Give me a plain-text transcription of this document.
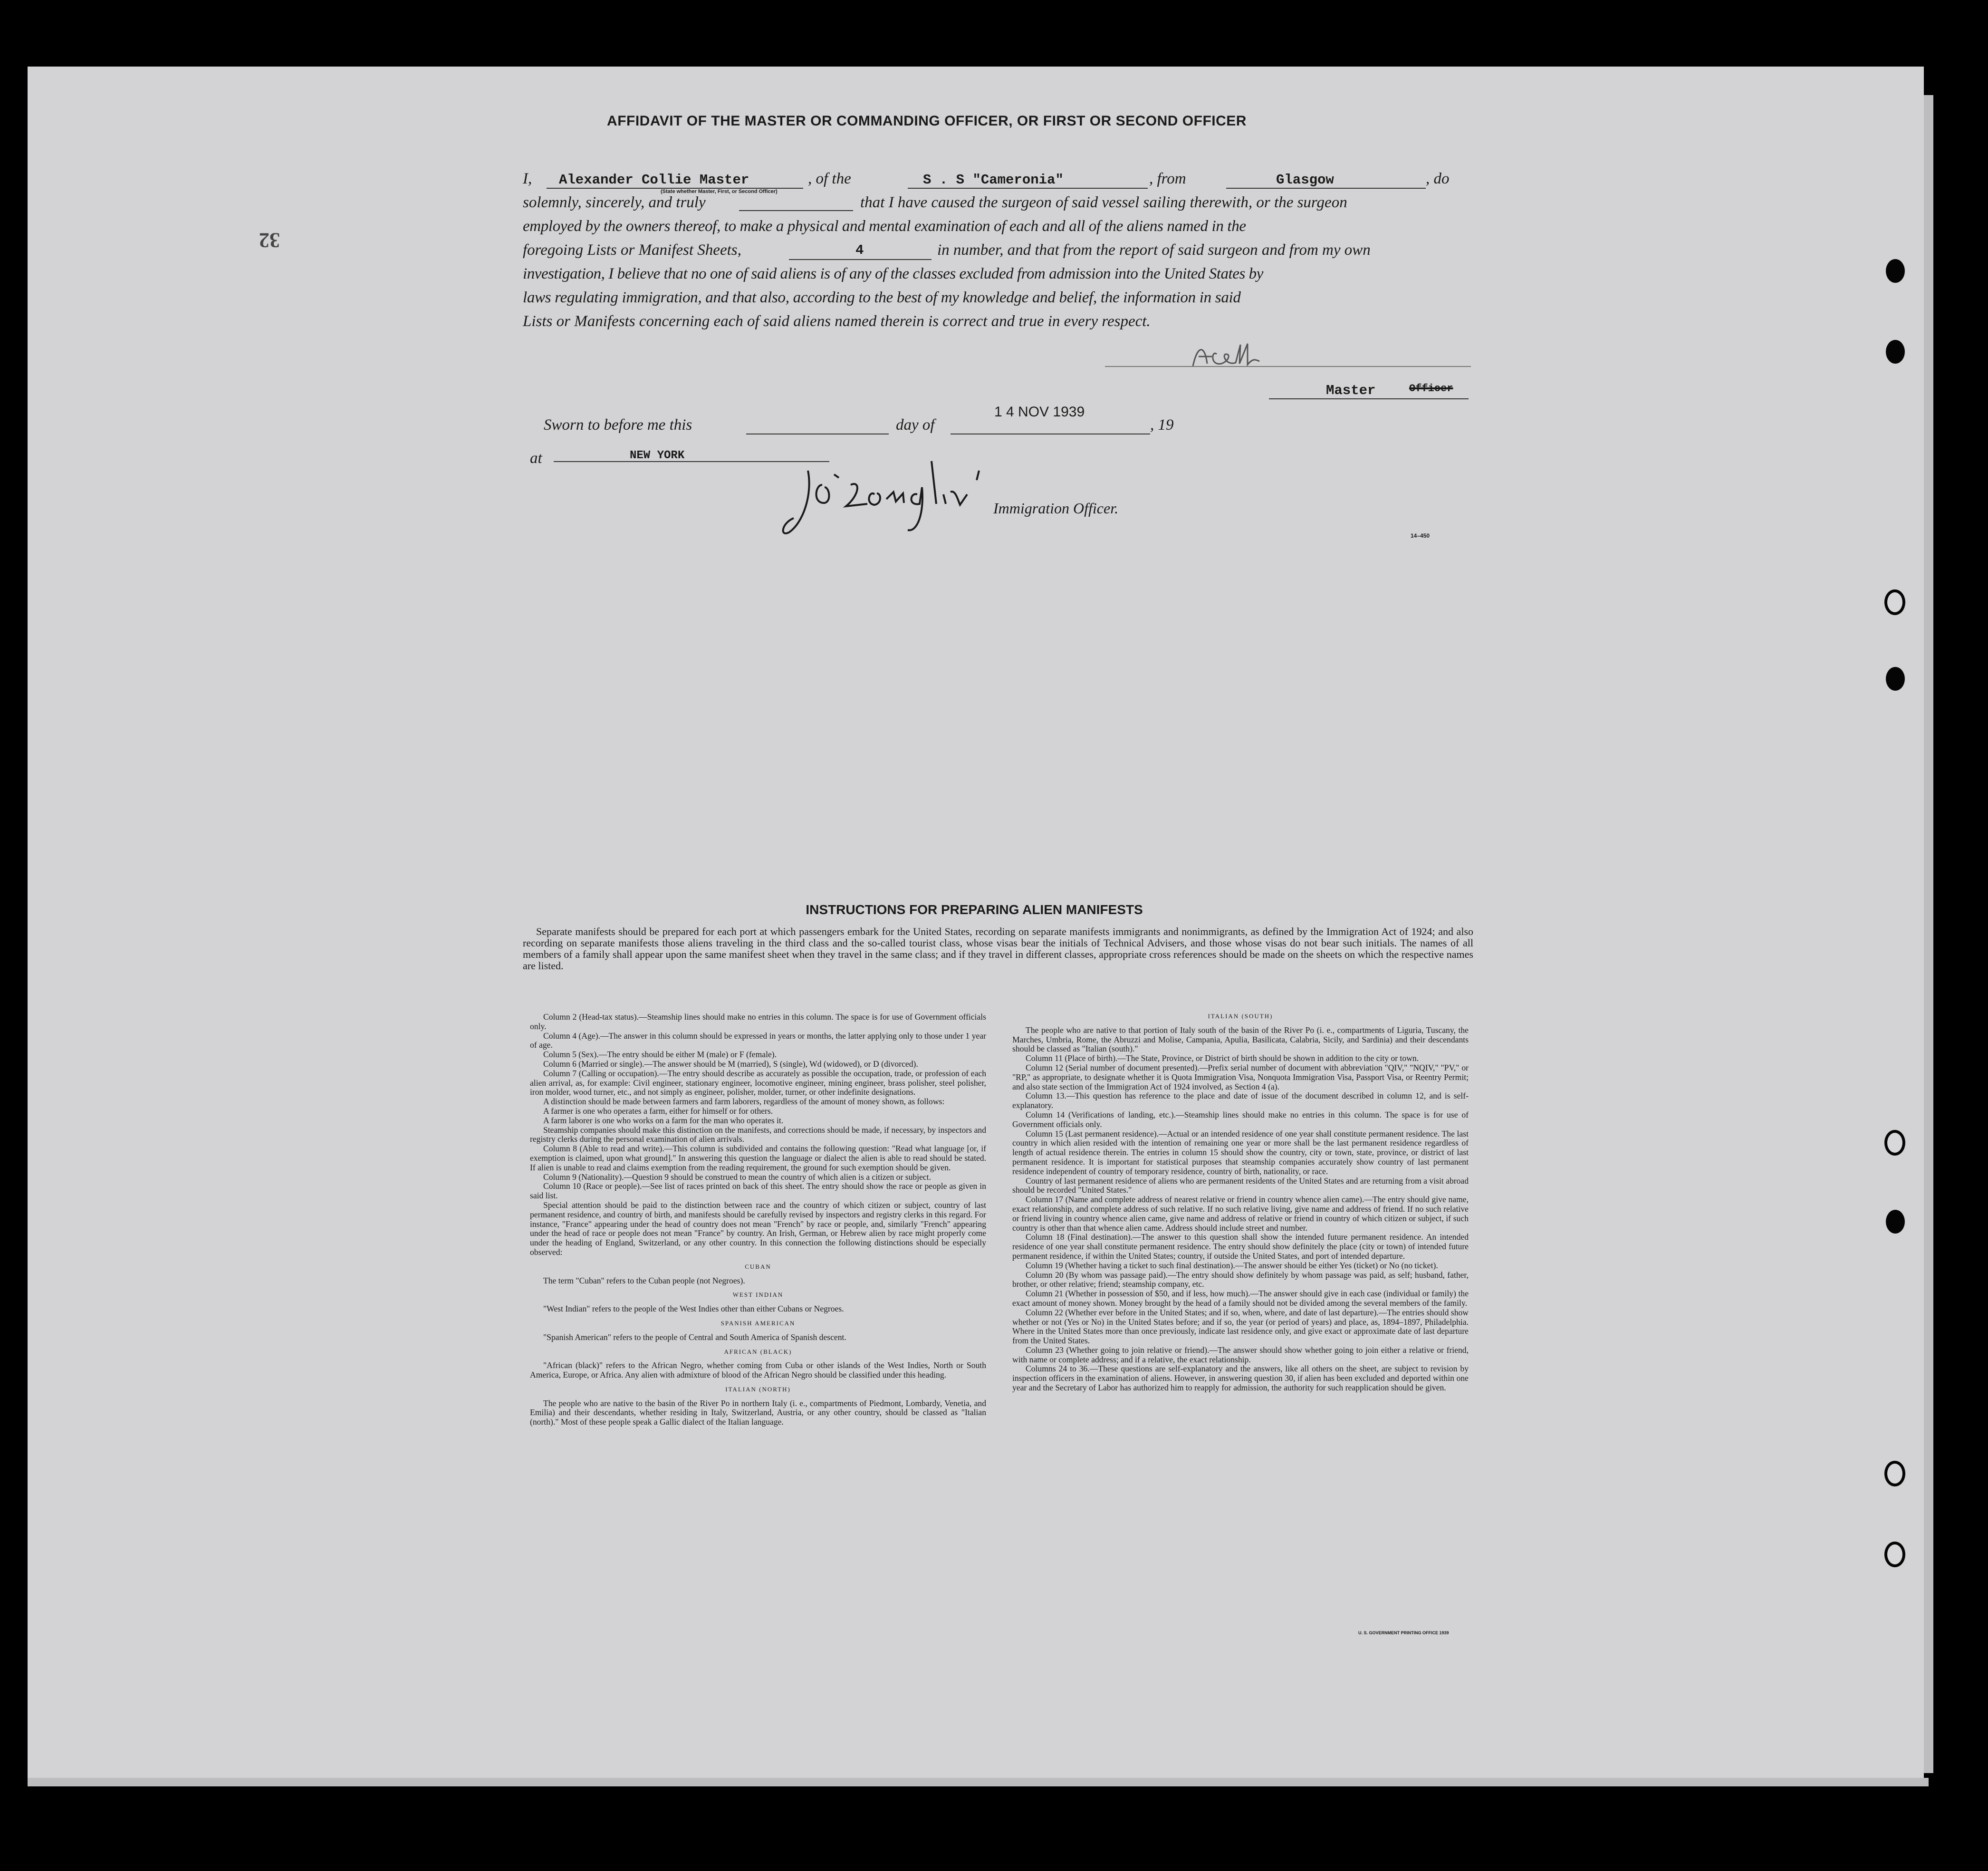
32
AFFIDAVIT OF THE MASTER OR COMMANDING OFFICER, OR FIRST OR SECOND OFFICER
I, Alexander Collie Master	, of the	S . S "Cameronia"	, from	Glasgow	, do
(State whether Master, First, or Second Officer)
solemnly, sincerely, and truly	that I have caused the surgeon of said vessel sailing therewith, or the surgeon
employed by the owners thereof, to make a physical and mental examination of each and all of the aliens named in the
foregoing Lists or Manifest Sheets,	4	in number, and that from the report of said surgeon and from my own
investigation, I believe that no one of said aliens is of any of the classes excluded from admission into the United States by
laws regulating immigration, and that also, according to the best of my knowledge and belief, the information in said
Lists or Manifests concerning each of said aliens named therein is correct and true in every respect.
Master	Officer
Sworn to before me this	day of
1 4 NOV 1939
, 19
at	NEW YORK
Immigration Officer.
14–450
INSTRUCTIONS FOR PREPARING ALIEN MANIFESTS
Separate manifests should be prepared for each port at which passengers embark for the United States, recording on separate manifests immigrants and nonimmigrants, as defined by the Immigration Act of 1924; and also recording on separate manifests those aliens traveling in the third class and the so-called tourist class, whose visas bear the initials of Technical Advisers, and those whose visas do not bear such initials. The names of all members of a family shall appear upon the same manifest sheet when they travel in the same class; and if they travel in different classes, appropriate cross references should be made on the sheets on which the respective names are listed.

Column 2 (Head-tax status).—Steamship lines should make no entries in this column. The space is for use of Government officials only.

Column 4 (Age).—The answer in this column should be expressed in years or months, the latter applying only to those under 1 year of age.

Column 5 (Sex).—The entry should be either M (male) or F (female).

Column 6 (Married or single).—The answer should be M (married), S (single), Wd (widowed), or D (divorced).

Column 7 (Calling or occupation).—The entry should describe as accurately as possible the occupation, trade, or profession of each alien arrival, as, for example: Civil engineer, stationary engineer, locomotive engineer, mining engineer, brass polisher, steel polisher, iron molder, wood turner, etc., and not simply as engineer, polisher, molder, turner, or other indefinite designations.

A distinction should be made between farmers and farm laborers, regardless of the amount of money shown, as follows:

A farmer is one who operates a farm, either for himself or for others.

A farm laborer is one who works on a farm for the man who operates it.

Steamship companies should make this distinction on the manifests, and corrections should be made, if necessary, by inspectors and registry clerks during the personal examination of alien arrivals.

Column 8 (Able to read and write).—This column is subdivided and contains the following question: "Read what language [or, if exemption is claimed, upon what ground]." In answering this question the language or dialect the alien is able to read should be stated. If alien is unable to read and claims exemption from the reading requirement, the ground for such exemption should be given.

Column 9 (Nationality).—Question 9 should be construed to mean the country of which alien is a citizen or subject.

Column 10 (Race or people).—See list of races printed on back of this sheet. The entry should show the race or people as given in said list.

Special attention should be paid to the distinction between race and the country of which citizen or subject, country of last permanent residence, and country of birth, and manifests should be carefully revised by inspectors and registry clerks in this regard. For instance, "France" appearing under the head of country does not mean "French" by race or people, and, similarly "French" appearing under the head of race or people does not mean "France" by country. An Irish, German, or Hebrew alien by race might properly come under the heading of England, Switzerland, or any other country. In this connection the following distinctions should be especially observed:

CUBAN

The term "Cuban" refers to the Cuban people (not Negroes).

WEST INDIAN

"West Indian" refers to the people of the West Indies other than either Cubans or Negroes.

SPANISH AMERICAN

"Spanish American" refers to the people of Central and South America of Spanish descent.

AFRICAN (BLACK)

"African (black)" refers to the African Negro, whether coming from Cuba or other islands of the West Indies, North or South America, Europe, or Africa. Any alien with admixture of blood of the African Negro should be classified under this heading.

ITALIAN (NORTH)

The people who are native to the basin of the River Po in northern Italy (i. e., compartments of Piedmont, Lombardy, Venetia, and Emilia) and their descendants, whether residing in Italy, Switzerland, Austria, or any other country, should be classed as "Italian (north)." Most of these people speak a Gallic dialect of the Italian language.

ITALIAN (SOUTH)

The people who are native to that portion of Italy south of the basin of the River Po (i. e., compartments of Liguria, Tuscany, the Marches, Umbria, Rome, the Abruzzi and Molise, Campania, Apulia, Basilicata, Calabria, Sicily, and Sardinia) and their descendants should be classed as "Italian (south)."

Column 11 (Place of birth).—The State, Province, or District of birth should be shown in addition to the city or town.

Column 12 (Serial number of document presented).—Prefix serial number of document with abbreviation "QIV," "NQIV," "PV," or "RP," as appropriate, to designate whether it is Quota Immigration Visa, Nonquota Immigration Visa, Passport Visa, or Reentry Permit; and also state section of the Immigration Act of 1924 involved, as Section 4 (a).

Column 13.—This question has reference to the place and date of issue of the document described in column 12, and is self-explanatory.

Column 14 (Verifications of landing, etc.).—Steamship lines should make no entries in this column. The space is for use of Government officials only.

Column 15 (Last permanent residence).—Actual or an intended residence of one year shall constitute permanent residence. The last country in which alien resided with the intention of remaining one year or more shall be the last permanent residence regardless of length of actual residence therein. The entries in column 15 should show the country, city or town, state, province, or district of last permanent residence. It is important for statistical purposes that steamship companies accurately show country of last permanent residence independent of country of temporary residence, country of birth, nationality, or race.

Country of last permanent residence of aliens who are permanent residents of the United States and are returning from a visit abroad should be recorded "United States."

Column 17 (Name and complete address of nearest relative or friend in country whence alien came).—The entry should give name, exact relationship, and complete address of such relative. If no such relative living, give name and address of friend. If no such relative or friend living in country whence alien came, give name and address of relative or friend in country of which citizen or subject, if such country is other than that whence alien came. Address should include street and number.

Column 18 (Final destination).—The answer to this question shall show the intended future permanent residence. An intended residence of one year shall constitute permanent residence. The entry should show definitely the place (city or town) of intended future permanent residence, if within the United States; country, if outside the United States, and port of intended departure.

Column 19 (Whether having a ticket to such final destination).—The answer should be either Yes (ticket) or No (no ticket).

Column 20 (By whom was passage paid).—The entry should show definitely by whom passage was paid, as self; husband, father, brother, or other relative; friend; steamship company, etc.

Column 21 (Whether in possession of $50, and if less, how much).—The answer should give in each case (individual or family) the exact amount of money shown. Money brought by the head of a family should not be divided among the several members of the family.

Column 22 (Whether ever before in the United States; and if so, when, where, and date of last departure).—The entries should show whether or not (Yes or No) in the United States before; and if so, the year (or period of years) and place, as, 1894–1897, Philadelphia. Where in the United States more than once previously, indicate last residence only, and give exact or approximate date of last departure from the United States.

Column 23 (Whether going to join relative or friend).—The answer should show whether going to join either a relative or friend, with name or complete address; and if a relative, the exact relationship.

Columns 24 to 36.—These questions are self-explanatory and the answers, like all others on the sheet, are subject to revision by inspection officers in the examination of aliens. However, in answering question 30, if alien has been excluded and deported within one year and the Secretary of Labor has authorized him to reapply for admission, the authority for such reapplication should be given.

U. S. GOVERNMENT PRINTING OFFICE 1939
